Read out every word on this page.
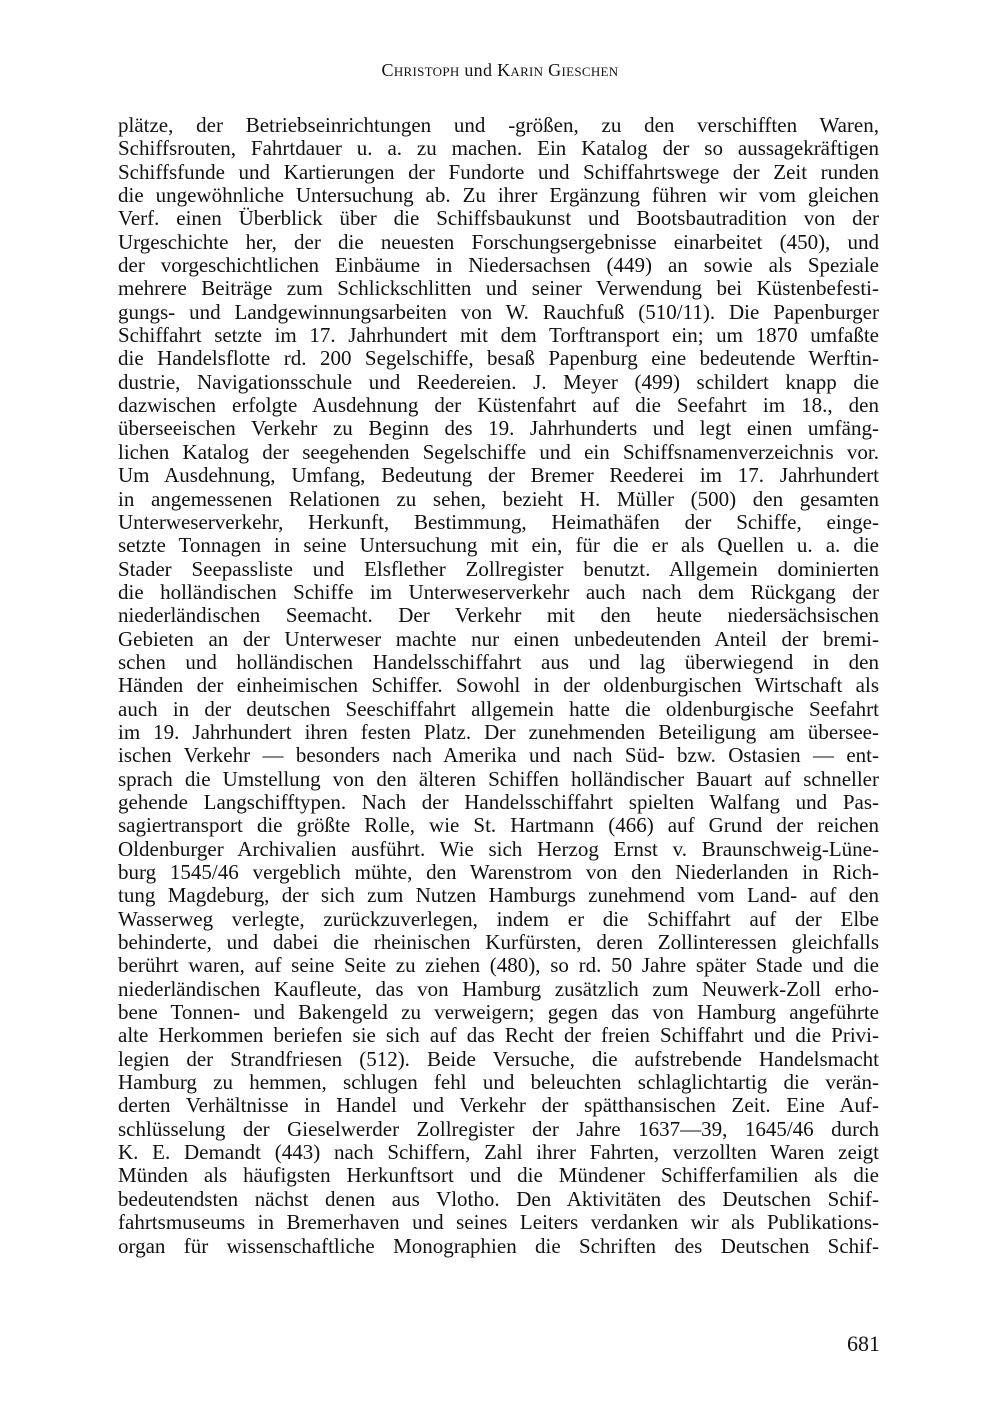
Christoph und Karin Gieschen
plätze, der Betriebseinrichtungen und -größen, zu den verschifften Waren,
Schiffsrouten, Fahrtdauer u. a. zu machen. Ein Katalog der so aussagekräftigen
Schiffsfunde und Kartierungen der Fundorte und Schiffahrtswege der Zeit runden
die ungewöhnliche Untersuchung ab. Zu ihrer Ergänzung führen wir vom gleichen
Verf. einen Überblick über die Schiffsbaukunst und Bootsbautradition von der
Urgeschichte her, der die neuesten Forschungsergebnisse einarbeitet (450), und
der vorgeschichtlichen Einbäume in Niedersachsen (449) an sowie als Speziale
mehrere Beiträge zum Schlickschlitten und seiner Verwendung bei Küstenbefesti-
gungs- und Landgewinnungsarbeiten von W. Rauchfuß (510/11). Die Papenburger
Schiffahrt setzte im 17. Jahrhundert mit dem Torftransport ein; um 1870 umfaßte
die Handelsflotte rd. 200 Segelschiffe, besaß Papenburg eine bedeutende Werftin-
dustrie, Navigationsschule und Reedereien. J. Meyer (499) schildert knapp die
dazwischen erfolgte Ausdehnung der Küstenfahrt auf die Seefahrt im 18., den
überseeischen Verkehr zu Beginn des 19. Jahrhunderts und legt einen umfäng-
lichen Katalog der seegehenden Segelschiffe und ein Schiffsnamenverzeichnis vor.
Um Ausdehnung, Umfang, Bedeutung der Bremer Reederei im 17. Jahrhundert
in angemessenen Relationen zu sehen, bezieht H. Müller (500) den gesamten
Unterweserverkehr, Herkunft, Bestimmung, Heimathäfen der Schiffe, einge-
setzte Tonnagen in seine Untersuchung mit ein, für die er als Quellen u. a. die
Stader Seepassliste und Elsflether Zollregister benutzt. Allgemein dominierten
die holländischen Schiffe im Unterweserverkehr auch nach dem Rückgang der
niederländischen Seemacht. Der Verkehr mit den heute niedersächsischen
Gebieten an der Unterweser machte nur einen unbedeutenden Anteil der bremi-
schen und holländischen Handelsschiffahrt aus und lag überwiegend in den
Händen der einheimischen Schiffer. Sowohl in der oldenburgischen Wirtschaft als
auch in der deutschen Seeschiffahrt allgemein hatte die oldenburgische Seefahrt
im 19. Jahrhundert ihren festen Platz. Der zunehmenden Beteiligung am übersee-
ischen Verkehr — besonders nach Amerika und nach Süd- bzw. Ostasien — ent-
sprach die Umstellung von den älteren Schiffen holländischer Bauart auf schneller
gehende Langschifftypen. Nach der Handelsschiffahrt spielten Walfang und Pas-
sagiertransport die größte Rolle, wie St. Hartmann (466) auf Grund der reichen
Oldenburger Archivalien ausführt. Wie sich Herzog Ernst v. Braunschweig-Lüne-
burg 1545/46 vergeblich mühte, den Warenstrom von den Niederlanden in Rich-
tung Magdeburg, der sich zum Nutzen Hamburgs zunehmend vom Land- auf den
Wasserweg verlegte, zurückzuverlegen, indem er die Schiffahrt auf der Elbe
behinderte, und dabei die rheinischen Kurfürsten, deren Zollinteressen gleichfalls
berührt waren, auf seine Seite zu ziehen (480), so rd. 50 Jahre später Stade und die
niederländischen Kaufleute, das von Hamburg zusätzlich zum Neuwerk-Zoll erho-
bene Tonnen- und Bakengeld zu verweigern; gegen das von Hamburg angeführte
alte Herkommen beriefen sie sich auf das Recht der freien Schiffahrt und die Privi-
legien der Strandfriesen (512). Beide Versuche, die aufstrebende Handelsmacht
Hamburg zu hemmen, schlugen fehl und beleuchten schlaglichtartig die verän-
derten Verhältnisse in Handel und Verkehr der spätthansischen Zeit. Eine Auf-
schlüsselung der Gieselwerder Zollregister der Jahre 1637—39, 1645/46 durch
K. E. Demandt (443) nach Schiffern, Zahl ihrer Fahrten, verzollten Waren zeigt
Münden als häufigsten Herkunftsort und die Mündener Schifferfamilien als die
bedeutendsten nächst denen aus Vlotho. Den Aktivitäten des Deutschen Schif-
fahrtsmuseums in Bremerhaven und seines Leiters verdanken wir als Publikations-
organ für wissenschaftliche Monographien die Schriften des Deutschen Schif-
681
